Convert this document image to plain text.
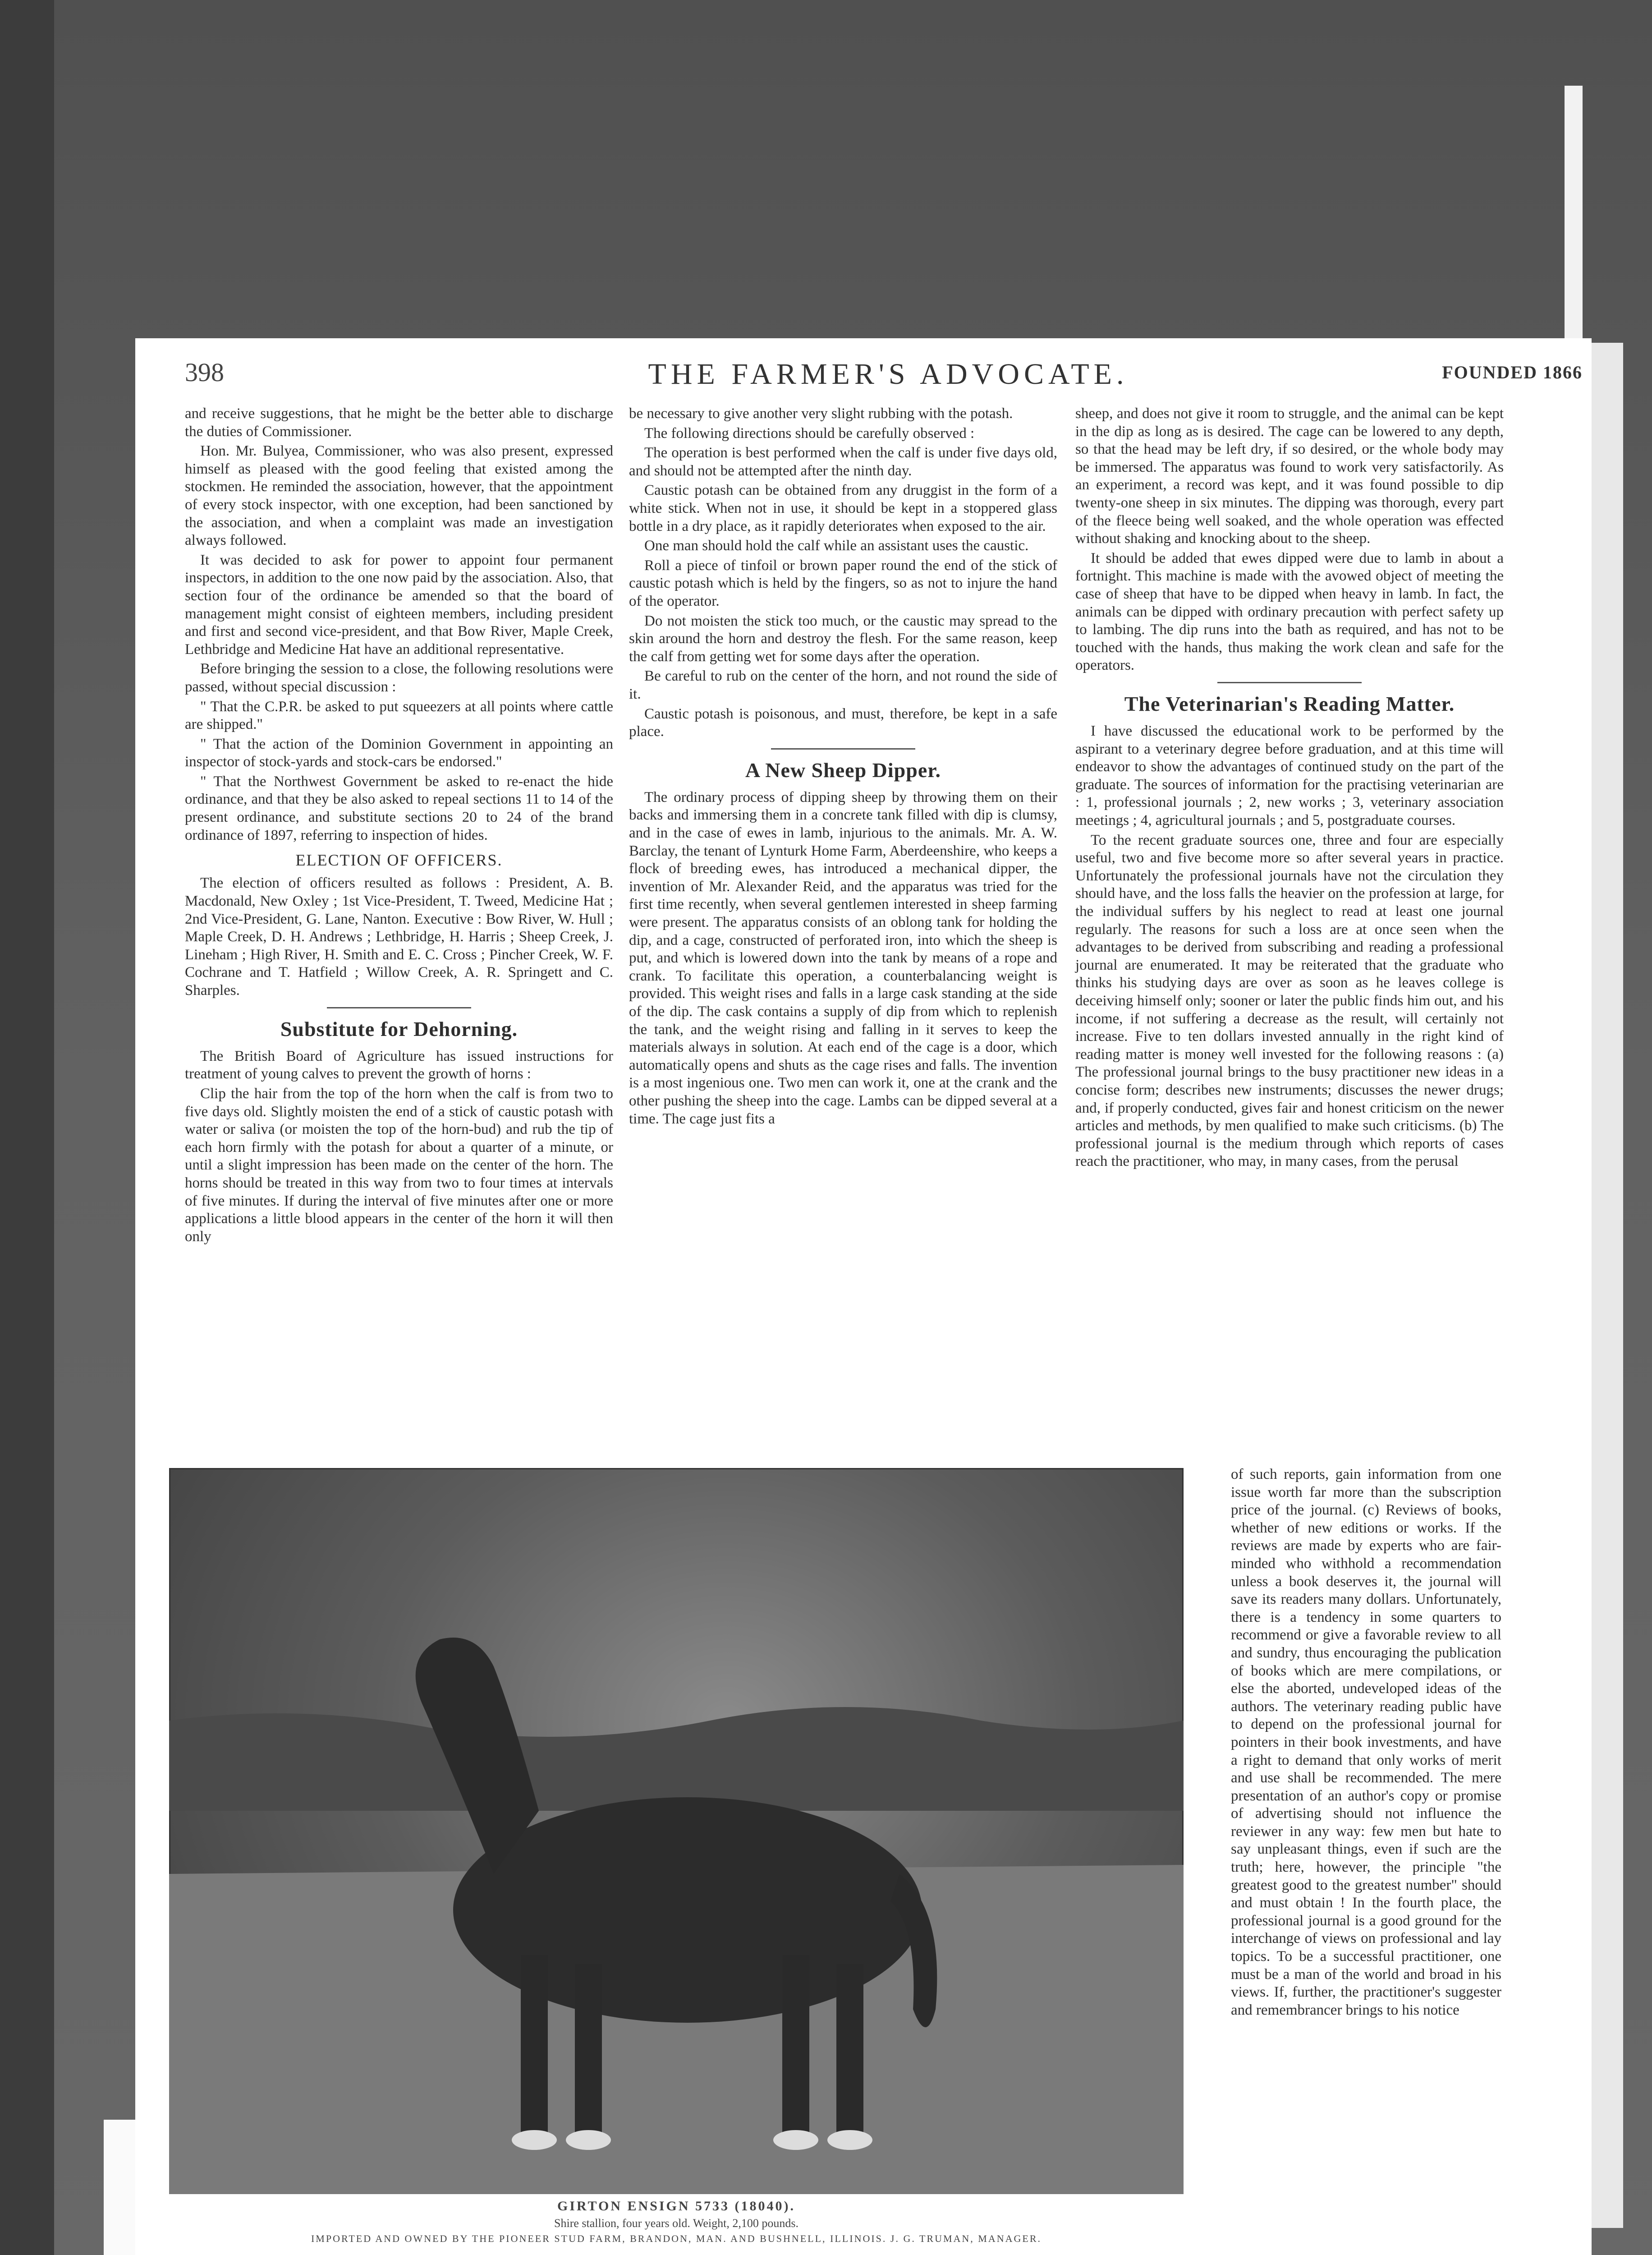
398	THE FARMER'S ADVOCATE.	FOUNDED 1866

and receive suggestions, that he might be the better able to discharge the duties of Commissioner.

Hon. Mr. Bulyea, Commissioner, who was also present, expressed himself as pleased with the good feeling that existed among the stockmen. He reminded the association, however, that the appointment of every stock inspector, with one exception, had been sanctioned by the association, and when a complaint was made an investigation always followed.

It was decided to ask for power to appoint four permanent inspectors, in addition to the one now paid by the association. Also, that section four of the ordinance be amended so that the board of management might consist of eighteen members, including president and first and second vice-president, and that Bow River, Maple Creek, Lethbridge and Medicine Hat have an additional representative.

Before bringing the session to a close, the following resolutions were passed, without special discussion :

" That the C.P.R. be asked to put squeezers at all points where cattle are shipped."

" That the action of the Dominion Government in appointing an inspector of stock-yards and stock-cars be endorsed."

" That the Northwest Government be asked to re-enact the hide ordinance, and that they be also asked to repeal sections 11 to 14 of the present ordinance, and substitute sections 20 to 24 of the brand ordinance of 1897, referring to inspection of hides.

ELECTION OF OFFICERS.

The election of officers resulted as follows : President, A. B. Macdonald, New Oxley ; 1st Vice-President, T. Tweed, Medicine Hat ; 2nd Vice-President, G. Lane, Nanton. Executive : Bow River, W. Hull ; Maple Creek, D. H. Andrews ; Lethbridge, H. Harris ; Sheep Creek, J. Lineham ; High River, H. Smith and E. C. Cross ; Pincher Creek, W. F. Cochrane and T. Hatfield ; Willow Creek, A. R. Springett and C. Sharples.

Substitute for Dehorning.

The British Board of Agriculture has issued instructions for treatment of young calves to prevent the growth of horns :

Clip the hair from the top of the horn when the calf is from two to five days old. Slightly moisten the end of a stick of caustic potash with water or saliva (or moisten the top of the horn-bud) and rub the tip of each horn firmly with the potash for about a quarter of a minute, or until a slight impression has been made on the center of the horn. The horns should be treated in this way from two to four times at intervals of five minutes. If during the interval of five minutes after one or more applications a little blood appears in the center of the horn it will then only

be necessary to give another very slight rubbing with the potash.

The following directions should be carefully observed :

The operation is best performed when the calf is under five days old, and should not be attempted after the ninth day.

Caustic potash can be obtained from any druggist in the form of a white stick. When not in use, it should be kept in a stoppered glass bottle in a dry place, as it rapidly deteriorates when exposed to the air.

One man should hold the calf while an assistant uses the caustic.

Roll a piece of tinfoil or brown paper round the end of the stick of caustic potash which is held by the fingers, so as not to injure the hand of the operator.

Do not moisten the stick too much, or the caustic may spread to the skin around the horn and destroy the flesh. For the same reason, keep the calf from getting wet for some days after the operation.

Be careful to rub on the center of the horn, and not round the side of it.

Caustic potash is poisonous, and must, therefore, be kept in a safe place.

A New Sheep Dipper.

The ordinary process of dipping sheep by throwing them on their backs and immersing them in a concrete tank filled with dip is clumsy, and in the case of ewes in lamb, injurious to the animals. Mr. A. W. Barclay, the tenant of Lynturk Home Farm, Aberdeenshire, who keeps a flock of breeding ewes, has introduced a mechanical dipper, the invention of Mr. Alexander Reid, and the apparatus was tried for the first time recently, when several gentlemen interested in sheep farming were present. The apparatus consists of an oblong tank for holding the dip, and a cage, constructed of perforated iron, into which the sheep is put, and which is lowered down into the tank by means of a rope and crank. To facilitate this operation, a counterbalancing weight is provided. This weight rises and falls in a large cask standing at the side of the dip. The cask contains a supply of dip from which to replenish the tank, and the weight rising and falling in it serves to keep the materials always in solution. At each end of the cage is a door, which automatically opens and shuts as the cage rises and falls. The invention is a most ingenious one. Two men can work it, one at the crank and the other pushing the sheep into the cage. Lambs can be dipped several at a time. The cage just fits a

sheep, and does not give it room to struggle, and the animal can be kept in the dip as long as is desired. The cage can be lowered to any depth, so that the head may be left dry, if so desired, or the whole body may be immersed. The apparatus was found to work very satisfactorily. As an experiment, a record was kept, and it was found possible to dip twenty-one sheep in six minutes. The dipping was thorough, every part of the fleece being well soaked, and the whole operation was effected without shaking and knocking about to the sheep.

It should be added that ewes dipped were due to lamb in about a fortnight. This machine is made with the avowed object of meeting the case of sheep that have to be dipped when heavy in lamb. In fact, the animals can be dipped with ordinary precaution with perfect safety up to lambing. The dip runs into the bath as required, and has not to be touched with the hands, thus making the work clean and safe for the operators.

The Veterinarian's Reading Matter.

I have discussed the educational work to be performed by the aspirant to a veterinary degree before graduation, and at this time will endeavor to show the advantages of continued study on the part of the graduate. The sources of information for the practising veterinarian are : 1, professional journals ; 2, new works ; 3, veterinary association meetings ; 4, agricultural journals ; and 5, postgraduate courses.

To the recent graduate sources one, three and four are especially useful, two and five become more so after several years in practice. Unfortunately the professional journals have not the circulation they should have, and the loss falls the heavier on the profession at large, for the individual suffers by his neglect to read at least one journal regularly. The reasons for such a loss are at once seen when the advantages to be derived from subscribing and reading a professional journal are enumerated. It may be reiterated that the graduate who thinks his studying days are over as soon as he leaves college is deceiving himself only; sooner or later the public finds him out, and his income, if not suffering a decrease as the result, will certainly not increase. Five to ten dollars invested annually in the right kind of reading matter is money well invested for the following reasons : (a) The professional journal brings to the busy practitioner new ideas in a concise form; describes new instruments; discusses the newer drugs; and, if properly conducted, gives fair and honest criticism on the newer articles and methods, by men qualified to make such criticisms. (b) The professional journal is the medium through which reports of cases reach the practitioner, who may, in many cases, from the perusal

of such reports, gain information from one issue worth far more than the subscription price of the journal. (c) Reviews of books, whether of new editions or works. If the reviews are made by experts who are fair-minded who withhold a recommendation unless a book deserves it, the journal will save its readers many dollars. Unfortunately, there is a tendency in some quarters to recommend or give a favorable review to all and sundry, thus encouraging the publication of books which are mere compilations, or else the aborted, undeveloped ideas of the authors. The veterinary reading public have to depend on the professional journal for pointers in their book investments, and have a right to demand that only works of merit and use shall be recommended. The mere presentation of an author's copy or promise of advertising should not influence the reviewer in any way: few men but hate to say unpleasant things, even if such are the truth; here, however, the principle "the greatest good to the greatest number" should and must obtain ! In the fourth place, the professional journal is a good ground for the interchange of views on professional and lay topics. To be a successful practitioner, one must be a man of the world and broad in his views. If, further, the practitioner's suggester and remembrancer brings to his notice

GIRTON ENSIGN 5733 (18040).
Shire stallion, four years old. Weight, 2,100 pounds.
IMPORTED AND OWNED BY THE PIONEER STUD FARM, BRANDON, MAN. AND BUSHNELL, ILLINOIS. J. G. TRUMAN, MANAGER.
